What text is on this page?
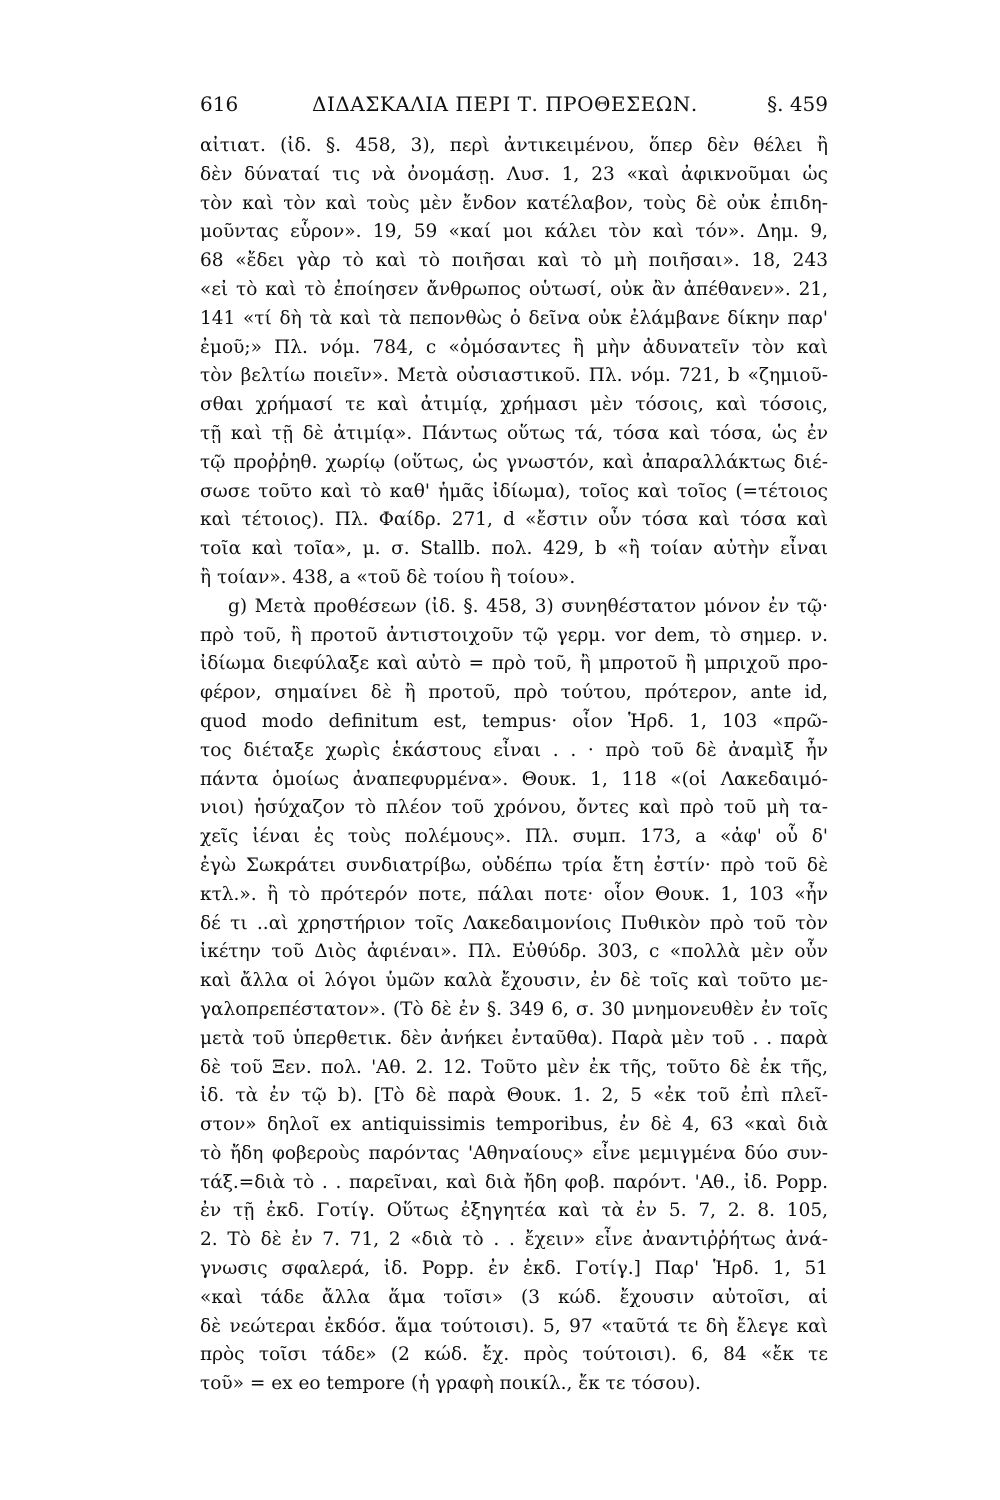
616	ΔΙΔΑΣΚΑΛΙΑ ΠΕΡΙ Τ. ΠΡΟΘΕΣΕΩΝ.	§. 459
αἰτιατ. (ἰδ. §. 458, 3), περὶ ἀντικειμένου, ὅπερ δὲν θέλει ἢ
δὲν δύναταί τις νὰ ὀνομάσῃ. Λυσ. 1, 23 «καὶ ἀφικνοῦμαι ὡς
τὸν καὶ τὸν καὶ τοὺς μὲν ἔνδον κατέλαβον, τοὺς δὲ οὐκ ἐπιδη-
μοῦντας εὗρον». 19, 59 «καί μοι κάλει τὸν καὶ τόν». Δημ. 9,
68 «ἔδει γὰρ τὸ καὶ τὸ ποιῆσαι καὶ τὸ μὴ ποιῆσαι». 18, 243
«εἰ τὸ καὶ τὸ ἐποίησεν ἄνθρωπος οὑτωσί, οὐκ ἂν ἀπέθανεν». 21,
141 «τί δὴ τὰ καὶ τὰ πεπονθὼς ὁ δεῖνα οὐκ ἐλάμβανε δίκην παρ'
ἐμοῦ;» Πλ. νόμ. 784, c «ὀμόσαντες ἢ μὴν ἀδυνατεῖν τὸν καὶ
τὸν βελτίω ποιεῖν». Μετὰ οὐσιαστικοῦ. Πλ. νόμ. 721, b «ζημιοῦ-
σθαι χρήμασί τε καὶ ἀτιμίᾳ, χρήμασι μὲν τόσοις, καὶ τόσοις,
τῇ καὶ τῇ δὲ ἀτιμίᾳ». Πάντως οὕτως τά, τόσα καὶ τόσα, ὡς ἐν
τῷ προῤῥηθ. χωρίῳ (οὕτως, ὡς γνωστόν, καὶ ἀπαραλλάκτως διέ-
σωσε τοῦτο καὶ τὸ καθ' ἡμᾶς ἰδίωμα), τοῖος καὶ τοῖος (=τέτοιος
καὶ τέτοιος). Πλ. Φαίδρ. 271, d «ἔστιν οὖν τόσα καὶ τόσα καὶ
τοῖα καὶ τοῖα», μ. σ. Stallb. πολ. 429, b «ἢ τοίαν αὐτὴν εἶναι
ἢ τοίαν». 438, a «τοῦ δὲ τοίου ἢ τοίου».
g) Μετὰ προθέσεων (ἰδ. §. 458, 3) συνηθέστατον μόνον ἐν τῷ·
πρὸ τοῦ, ἢ προτοῦ ἀντιστοιχοῦν τῷ γερμ. vor dem, τὸ σημερ. ν.
ἰδίωμα διεφύλαξε καὶ αὐτὸ = πρὸ τοῦ, ἢ μπροτοῦ ἢ μπριχοῦ προ-
φέρον, σημαίνει δὲ ἢ προτοῦ, πρὸ τούτου, πρότερον, ante id,
quod modo definitum est, tempus· οἷον Ἡρδ. 1, 103 «πρῶ-
τος διέταξε χωρὶς ἑκάστους εἶναι . . · πρὸ τοῦ δὲ ἀναμὶξ ἦν
πάντα ὁμοίως ἀναπεφυρμένα». Θουκ. 1, 118 «(οἱ Λακεδαιμό-
νιοι) ἡσύχαζον τὸ πλέον τοῦ χρόνου, ὄντες καὶ πρὸ τοῦ μὴ τα-
χεῖς ἰέναι ἐς τοὺς πολέμους». Πλ. συμπ. 173, a «ἀφ' οὗ δ'
ἐγὼ Σωκράτει συνδιατρίβω, οὐδέπω τρία ἔτη ἐστίν· πρὸ τοῦ δὲ
κτλ.». ἢ τὸ πρότερόν ποτε, πάλαι ποτε· οἷον Θουκ. 1, 103 «ἦν
δέ τι ..αὶ χρηστήριον τοῖς Λακεδαιμονίοις Πυθικὸν πρὸ τοῦ τὸν
ἱκέτην τοῦ Διὸς ἀφιέναι». Πλ. Εὐθύδρ. 303, c «πολλὰ μὲν οὖν
καὶ ἄλλα οἱ λόγοι ὑμῶν καλὰ ἔχουσιν, ἐν δὲ τοῖς καὶ τοῦτο με-
γαλοπρεπέστατον». (Τὸ δὲ ἐν §. 349 6, σ. 30 μνημονευθὲν ἐν τοῖς
μετὰ τοῦ ὑπερθετικ. δὲν ἀνήκει ἐνταῦθα). Παρὰ μὲν τοῦ . . παρὰ
δὲ τοῦ Ξεν. πολ. 'Αθ. 2. 12. Τοῦτο μὲν ἐκ τῆς, τοῦτο δὲ ἐκ τῆς,
ἰδ. τὰ ἐν τῷ b). [Τὸ δὲ παρὰ Θουκ. 1. 2, 5 «ἐκ τοῦ ἐπὶ πλεῖ-
στον» δηλοῖ ex antiquissimis temporibus, ἐν δὲ 4, 63 «καὶ διὰ
τὸ ἤδη φοβεροὺς παρόντας 'Αθηναίους» εἶνε μεμιγμένα δύο συν-
τάξ.=διὰ τὸ . . παρεῖναι, καὶ διὰ ἤδη φοβ. παρόντ. 'Αθ., ἰδ. Popp.
ἐν τῇ ἐκδ. Γοτίγ. Οὕτως ἐξηγητέα καὶ τὰ ἐν 5. 7, 2. 8. 105,
2. Τὸ δὲ ἐν 7. 71, 2 «διὰ τὸ . . ἔχειν» εἶνε ἀναντιῤῥήτως ἀνά-
γνωσις σφαλερά, ἰδ. Popp. ἐν ἐκδ. Γοτίγ.] Παρ' Ἡρδ. 1, 51
«καὶ τάδε ἄλλα ἅμα τοῖσι» (3 κώδ. ἔχουσιν αὐτοῖσι, αἱ
δὲ νεώτεραι ἐκδόσ. ἅμα τούτοισι). 5, 97 «ταῦτά τε δὴ ἔλεγε καὶ
πρὸς τοῖσι τάδε» (2 κώδ. ἔχ. πρὸς τούτοισι). 6, 84 «ἔκ τε
τοῦ» = ex eo tempore (ἡ γραφὴ ποικίλ., ἔκ τε τόσου).
